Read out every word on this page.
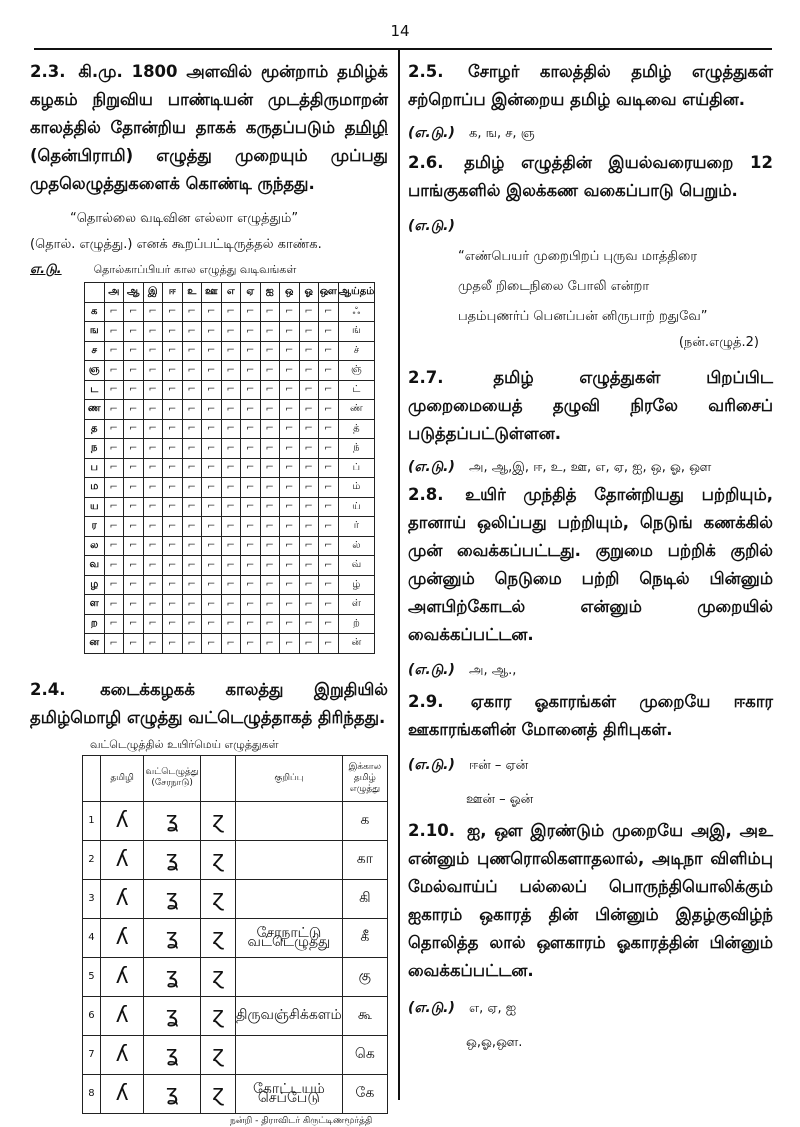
14

2.3. கி.மு. 1800 அளவில் மூன்றாம் தமிழ்க் கழகம் நிறுவிய பாண்டியன் முடத்திருமாறன் காலத்தில் தோன்றிய தாகக் கருதப்படும் தமிழி (தென்பிராமி) எழுத்து முறையும் முப்பது முதலெழுத்துகளைக் கொண்டி ருந்தது.

“தொல்லை வடிவின எல்லா எழுத்தும்”

(தொல். எழுத்து.) எனக் கூறப்பட்டிருத்தல் காண்க.

எ.டு.	தொல்காப்பியர் கால எழுத்து வடிவங்கள்
	அ	ஆ	இ	ஈ	உ	ஊ	எ	ஏ	ஐ	ஒ	ஓ	ஔ	ஆய்தம்
க	⌐	⌐	⌐	⌐	⌐	⌐	⌐	⌐	⌐	⌐	⌐	⌐	ஃ
ங	⌐	⌐	⌐	⌐	⌐	⌐	⌐	⌐	⌐	⌐	⌐	⌐	ங்
ச	⌐	⌐	⌐	⌐	⌐	⌐	⌐	⌐	⌐	⌐	⌐	⌐	ச்
ஞ	⌐	⌐	⌐	⌐	⌐	⌐	⌐	⌐	⌐	⌐	⌐	⌐	ஞ்
ட	⌐	⌐	⌐	⌐	⌐	⌐	⌐	⌐	⌐	⌐	⌐	⌐	ட்
ண	⌐	⌐	⌐	⌐	⌐	⌐	⌐	⌐	⌐	⌐	⌐	⌐	ண்
த	⌐	⌐	⌐	⌐	⌐	⌐	⌐	⌐	⌐	⌐	⌐	⌐	த்
ந	⌐	⌐	⌐	⌐	⌐	⌐	⌐	⌐	⌐	⌐	⌐	⌐	ந்
ப	⌐	⌐	⌐	⌐	⌐	⌐	⌐	⌐	⌐	⌐	⌐	⌐	ப்
ம	⌐	⌐	⌐	⌐	⌐	⌐	⌐	⌐	⌐	⌐	⌐	⌐	ம்
ய	⌐	⌐	⌐	⌐	⌐	⌐	⌐	⌐	⌐	⌐	⌐	⌐	ய்
ர	⌐	⌐	⌐	⌐	⌐	⌐	⌐	⌐	⌐	⌐	⌐	⌐	ர்
ல	⌐	⌐	⌐	⌐	⌐	⌐	⌐	⌐	⌐	⌐	⌐	⌐	ல்
வ	⌐	⌐	⌐	⌐	⌐	⌐	⌐	⌐	⌐	⌐	⌐	⌐	வ்
ழ	⌐	⌐	⌐	⌐	⌐	⌐	⌐	⌐	⌐	⌐	⌐	⌐	ழ்
ள	⌐	⌐	⌐	⌐	⌐	⌐	⌐	⌐	⌐	⌐	⌐	⌐	ள்
ற	⌐	⌐	⌐	⌐	⌐	⌐	⌐	⌐	⌐	⌐	⌐	⌐	ற்
ன	⌐	⌐	⌐	⌐	⌐	⌐	⌐	⌐	⌐	⌐	⌐	⌐	ன்

2.4. கடைக்கழகக் காலத்து இறுதியில் தமிழ்மொழி எழுத்து வட்டெழுத்தாகத் திரிந்தது.

வட்டெழுத்தில் உயிர்மெய் எழுத்துகள்
	தமிழி	வட்டெழுத்து (சேரநாடு)		குறிப்பு	இக்கால தமிழ் எழுத்து
1	ʎ	ʓ	ɀ		க
2	ʎ	ʓ	ɀ		கா
3	ʎ	ʓ	ɀ		கி
4	ʎ	ʓ	ɀ	சேரநாட்டு வட்டெழுத்து	கீ
5	ʎ	ʓ	ɀ		கு
6	ʎ	ʓ	ɀ	திருவஞ்சிக்களம்	கூ
7	ʎ	ʓ	ɀ		கெ
8	ʎ	ʓ	ɀ	கோட்டயம் செப்பேடு	கே
நன்றி - திராவிடர் கிருட்டிணமூர்த்தி

2.5. சோழர் காலத்தில் தமிழ் எழுத்துகள் சற்றொப்ப இன்றைய தமிழ் வடிவை எய்தின.

(எ.டு.) க, ங, ச, ஞ

2.6. தமிழ் எழுத்தின் இயல்வரையறை 12 பாங்குகளில் இலக்கண வகைப்பாடு பெறும்.

(எ.டு.)

“எண்பெயர் முறைபிறப் புருவ மாத்திரை

முதலீ றிடைநிலை போலி என்றா

பதம்புணர்ப் பெனப்பன் னிருபாற் றதுவே”

(நன்.எழுத்.2)

2.7.	தமிழ் எழுத்துகள் பிறப்பிட முறைமையைத் தழுவி நிரலே வரிசைப் படுத்தப்பட்டுள்ளன.

(எ.டு.) அ, ஆ,இ, ஈ, உ, ஊ, எ, ஏ, ஐ, ஒ, ஓ, ஔ

2.8. உயிர் முந்தித் தோன்றியது பற்றியும், தானாய் ஒலிப்பது பற்றியும், நெடுங் கணக்கில் முன் வைக்கப்பட்டது. குறுமை பற்றிக் குறில் முன்னும் நெடுமை பற்றி நெடில் பின்னும் அளபிற்கோடல் என்னும் முறையில் வைக்கப்பட்டன.

(எ.டு.) அ, ஆ.,

2.9. ஏகார ஓகாரங்கள் முறையே ஈகார ஊகாரங்களின் மோனைத் திரிபுகள்.

(எ.டு.) ஈன் – ஏன்

ஊன் – ஓன்

2.10. ஐ, ஔ இரண்டும் முறையே அஇ, அஉ என்னும் புணரொலிகளாதலால், அடிநா விளிம்பு மேல்வாய்ப் பல்லைப் பொருந்தியொலிக்கும் ஐகாரம் ஒகாரத் தின் பின்னும் இதழ்குவிழ்ந் தொலித்த லால் ஔகாரம் ஓகாரத்தின் பின்னும் வைக்கப்பட்டன.

(எ.டு.) எ, ஏ, ஐ

ஒ,ஓ,ஔ.
